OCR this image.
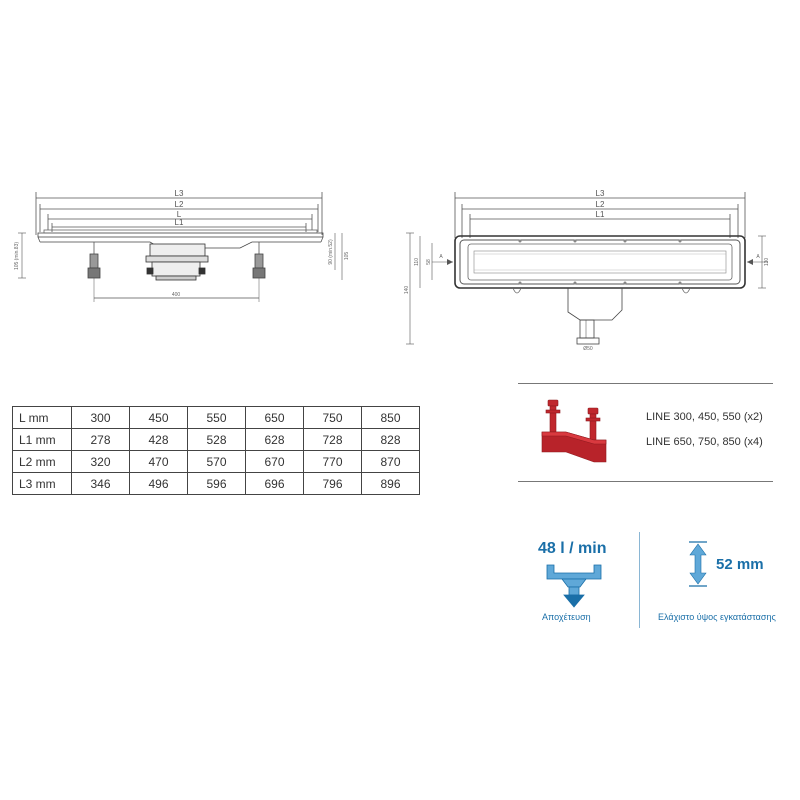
L3
L2
L
L1
400
105 (min.83)	90 (min.52) 105
L3
L2
L1
A	A
58
110
140
130
Ø50
L mm	300	450	550	650	750	850
L1 mm	278	428	528	628	728	828
L2 mm	320	470	570	670	770	870
L3 mm	346	496	596	696	796	896
LINE 300, 450, 550 (x2)
LINE 650, 750, 850 (x4)
48 l / min
Αποχέτευση
52 mm
Ελάχιστο ύψος εγκατάστασης
